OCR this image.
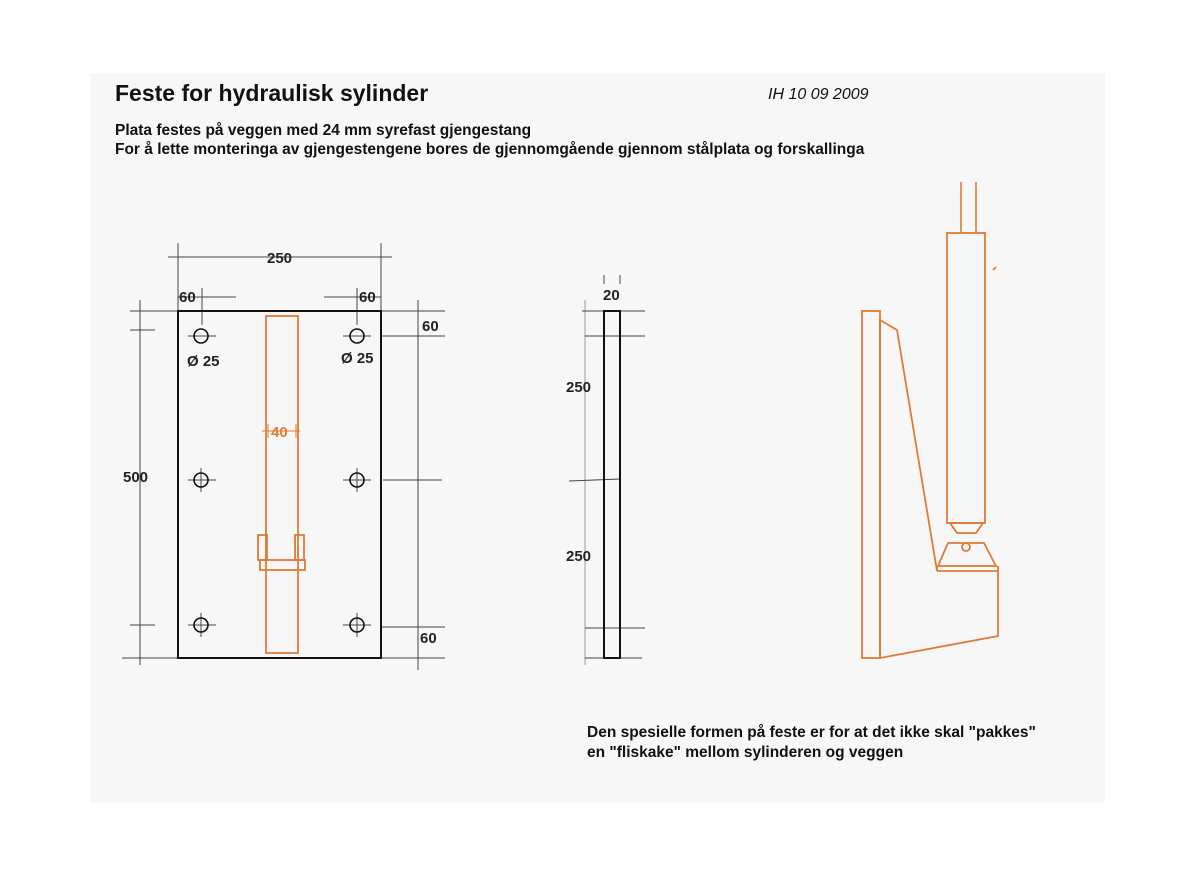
Feste for hydraulisk sylinder	IH 10 09 2009
Plata festes på veggen med 24 mm syrefast gjengestang
For å lette monteringa av gjengestengene bores de gjennomgående gjennom stålplata og forskallinga
250
60	60
60
60
500
Ø 25	Ø 25
40
20
250
250
Den spesielle formen på feste er for at det ikke skal "pakkes"
en "fliskake" mellom sylinderen og veggen
